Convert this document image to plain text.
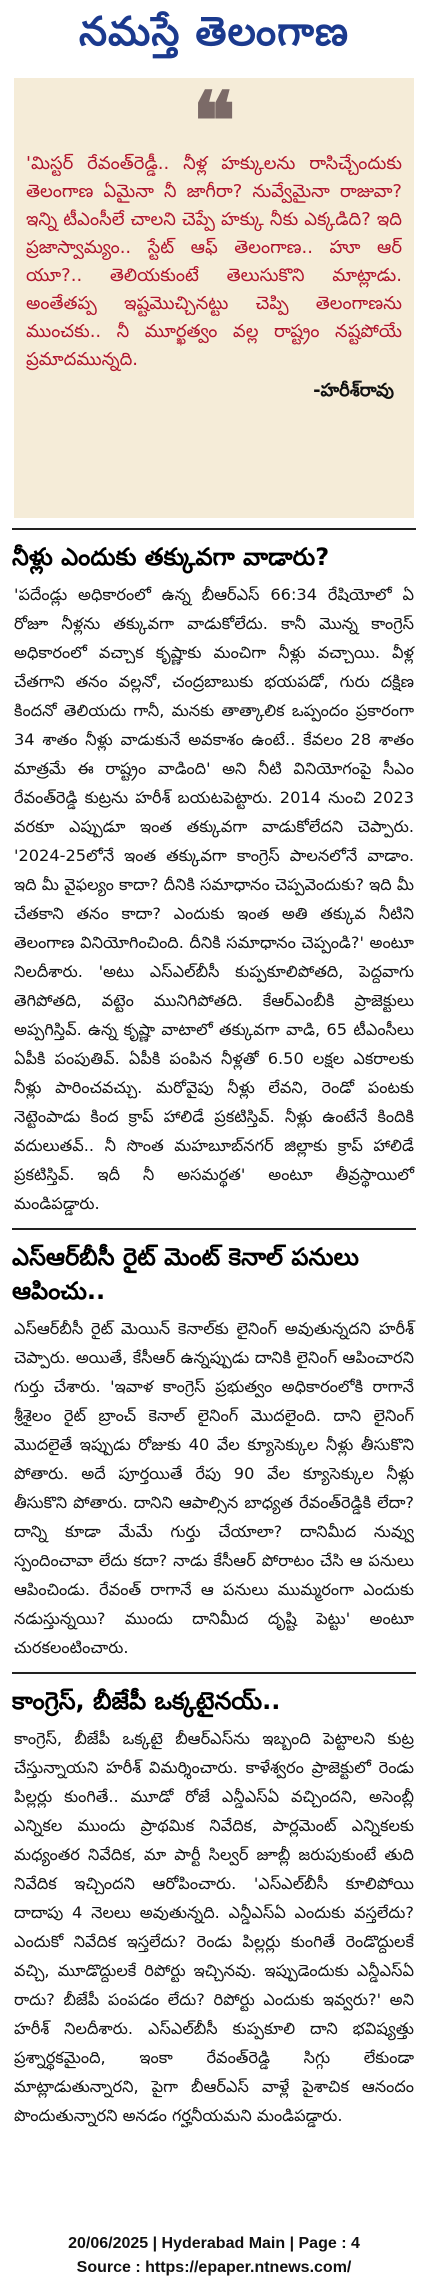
నమస్తే తెలంగాణ
❝
'మిస్టర్ రేవంత్‌రెడ్డీ.. నీళ్ల హక్కులను రాసిచ్చేందుకు తెలంగాణ ఏమైనా నీ జాగీరా? నువ్వేమైనా రాజువా? ఇన్ని టీఎంసీలే చాలని చెప్పే హక్కు నీకు ఎక్కడిది? ఇది ప్రజాస్వామ్యం.. స్టేట్ ఆఫ్ తెలంగాణ.. హూ ఆర్ యూ?.. తెలియకుంటే తెలుసుకొని మాట్లాడు. అంతేతప్ప ఇష్టమొచ్చినట్టు చెప్పి తెలంగాణను ముంచకు.. నీ మూర్ఖత్వం వల్ల రాష్ట్రం నష్టపోయే ప్రమాదమున్నది.
-హరీశ్‌రావు
నీళ్లు ఎందుకు తక్కువగా వాడారు?

'పదేండ్లు అధికారంలో ఉన్న బీఆర్‌ఎస్ 66:34 రేషియోలో ఏ రోజూ నీళ్లను తక్కువగా వాడుకోలేదు. కానీ మొన్న కాంగ్రెస్ అధికారంలో వచ్చాక కృష్ణాకు మంచిగా నీళ్లు వచ్చాయి. వీళ్ల చేతగాని తనం వల్లనో, చంద్రబాబుకు భయపడో, గురు దక్షిణ కిందనో తెలియదు గానీ, మనకు తాత్కాలిక ఒప్పందం ప్రకారంగా 34 శాతం నీళ్లు వాడుకునే అవకాశం ఉంటే.. కేవలం 28 శాతం మాత్రమే ఈ రాష్ట్రం వాడింది' అని నీటి వినియోగంపై సీఎం రేవంత్‌రెడ్డి కుట్రను హరీశ్ బయటపెట్టారు. 2014 నుంచి 2023 వరకూ ఎప్పుడూ ఇంత తక్కువగా వాడుకోలేదని చెప్పారు. '2024-25లోనే ఇంత తక్కువగా కాంగ్రెస్ పాలనలోనే వాడాం. ఇది మీ వైఫల్యం కాదా? దీనికి సమాధానం చెప్పవెందుకు? ఇది మీ చేతకాని తనం కాదా? ఎందుకు ఇంత అతి తక్కువ నీటిని తెలంగాణ వినియోగించింది. దీనికి సమాధానం చెప్పండి?' అంటూ నిలదీశారు. 'అటు ఎస్‌ఎల్‌బీసీ కుప్పకూలిపోతది, పెద్దవాగు తెగిపోతది, వట్టెం మునిగిపోతది. కేఆర్‌ఎంబీకి ప్రాజెక్టులు అప్పగిస్తివ్. ఉన్న కృష్ణా వాటాలో తక్కువగా వాడి, 65 టీఎంసీలు ఏపీకి పంపుతివ్. ఏపీకి పంపిన నీళ్లతో 6.50 లక్షల ఎకరాలకు నీళ్లు పారించవచ్చు. మరోవైపు నీళ్లు లేవని, రెండో పంటకు నెట్టెంపాడు కింద క్రాప్ హాలిడే ప్రకటిస్తివ్. నీళ్లు ఉంటేనే కిందికి వదులుతవ్.. నీ సొంత మహబూబ్‌నగర్ జిల్లాకు క్రాప్ హాలిడే ప్రకటిస్తివ్. ఇదీ నీ అసమర్థత' అంటూ తీవ్రస్థాయిలో మండిపడ్డారు.

ఎస్ఆర్‌బీసీ రైట్ మెంట్ కెనాల్ పనులు ఆపించు..

ఎస్ఆర్‌బీసీ రైట్ మెయిన్ కెనాల్‌కు లైనింగ్ అవుతున్నదని హరీశ్ చెప్పారు. అయితే, కేసీఆర్ ఉన్నప్పుడు దానికి లైనింగ్ ఆపించారని గుర్తు చేశారు. 'ఇవాళ కాంగ్రెస్ ప్రభుత్వం అధికారంలోకి రాగానే శ్రీశైలం రైట్ బ్రాంచ్ కెనాల్ లైనింగ్ మొదలైంది. దాని లైనింగ్ మొదలైతే ఇప్పుడు రోజుకు 40 వేల క్యూసెక్కుల నీళ్లు తీసుకొని పోతారు. అదే పూర్తయితే రేపు 90 వేల క్యూసెక్కుల నీళ్లు తీసుకొని పోతారు. దానిని ఆపాల్సిన బాధ్యత రేవంత్‌రెడ్డికి లేదా? దాన్ని కూడా మేమే గుర్తు చేయాలా? దానిమీద నువ్వు స్పందించావా లేదు కదా? నాడు కేసీఆర్ పోరాటం చేసి ఆ పనులు ఆపించిండు. రేవంత్ రాగానే ఆ పనులు ముమ్మరంగా ఎందుకు నడుస్తున్నయి? ముందు దానిమీద దృష్టి పెట్టు' అంటూ చురకలంటించారు.

కాంగ్రెస్, బీజేపీ ఒక్కటైనయ్..

కాంగ్రెస్, బీజేపీ ఒక్కటై బీఆర్‌ఎస్‌ను ఇబ్బంది పెట్టాలని కుట్ర చేస్తున్నాయని హరీశ్ విమర్శించారు. కాళేశ్వరం ప్రాజెక్టులో రెండు పిల్లర్లు కుంగితే.. మూడో రోజే ఎన్డీఎస్ఏ వచ్చిందని, అసెంబ్లీ ఎన్నికల ముందు ప్రాథమిక నివేదిక, పార్లమెంట్ ఎన్నికలకు మధ్యంతర నివేదిక, మా పార్టీ సిల్వర్ జూబ్లీ జరుపుకుంటే తుది నివేదిక ఇచ్చిందని ఆరోపించారు. 'ఎస్ఎల్‌బీసీ కూలిపోయి దాదాపు 4 నెలలు అవుతున్నది. ఎన్డీఎస్ఏ ఎందుకు వస్తలేదు? ఎందుకో నివేదిక ఇస్తలేదు? రెండు పిల్లర్లు కుంగితే రెండొద్దులకే వచ్చి, మూడొద్దులకే రిపోర్టు ఇచ్చినవు. ఇప్పుడెందుకు ఎన్డీఎస్ఏ రాదు? బీజేపీ పంపడం లేదు? రిపోర్టు ఎందుకు ఇవ్వరు?' అని హరీశ్ నిలదీశారు. ఎస్ఎల్‌బీసీ కుప్పకూలి దాని భవిష్యత్తు ప్రశ్నార్థకమైంది, ఇంకా రేవంత్‌రెడ్డి సిగ్గు లేకుండా మాట్లాడుతున్నారని, పైగా బీఆర్‌ఎస్ వాళ్లే పైశాచిక ఆనందం పొందుతున్నారని అనడం గర్హనీయమని మండిపడ్డారు.

20/06/2025 | Hyderabad Main | Page : 4
Source : https://epaper.ntnews.com/
